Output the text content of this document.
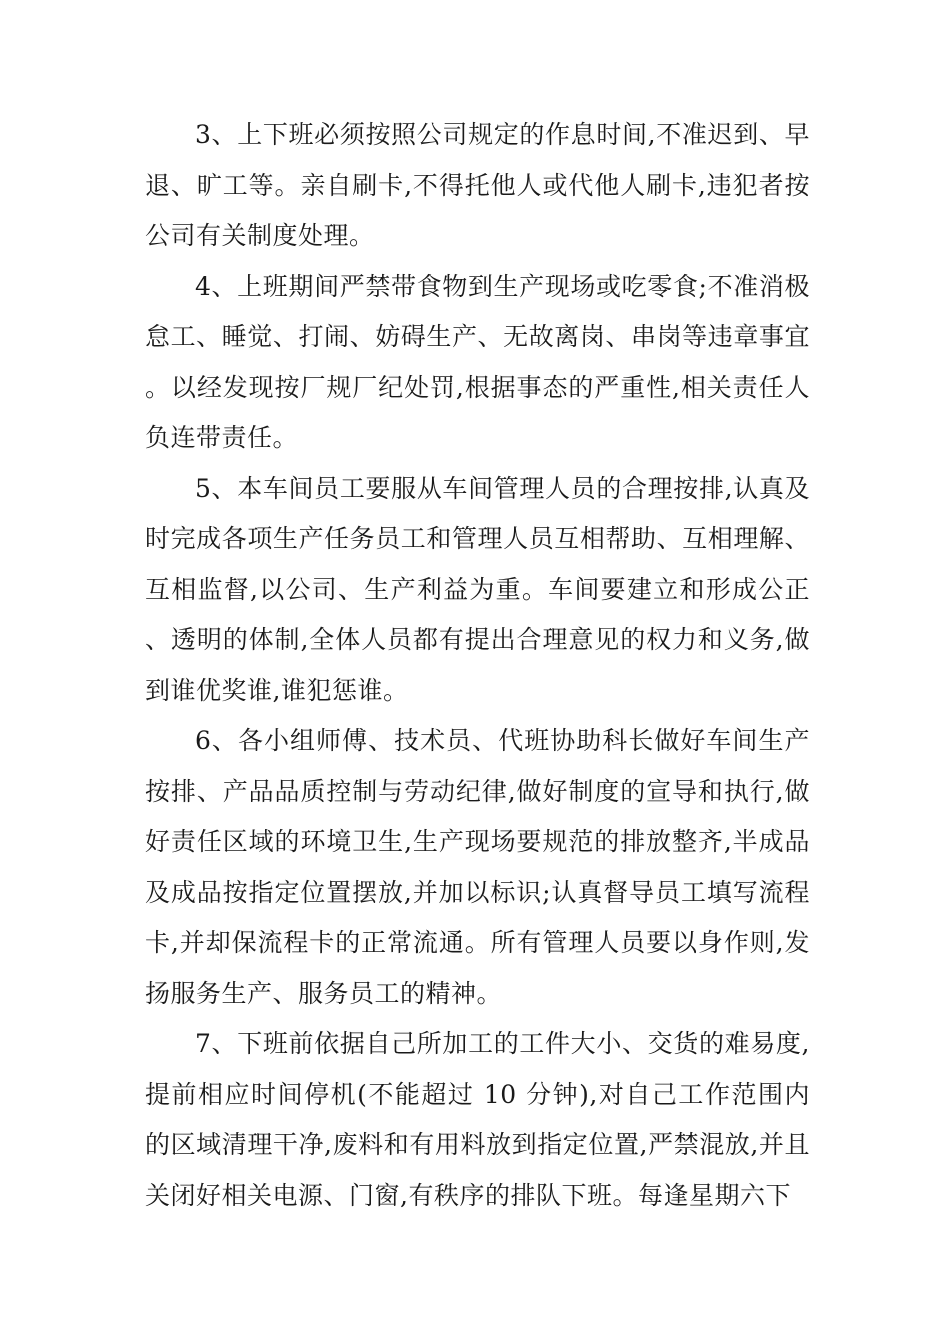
3、上下班必须按照公司规定的作息时间,不准迟到、早退、旷工等。亲自刷卡,不得托他人或代他人刷卡,违犯者按公司有关制度处理。

4、上班期间严禁带食物到生产现场或吃零食;不准消极怠工、睡觉、打闹、妨碍生产、无故离岗、串岗等违章事宜。以经发现按厂规厂纪处罚,根据事态的严重性,相关责任人负连带责任。

5、本车间员工要服从车间管理人员的合理按排,认真及时完成各项生产任务员工和管理人员互相帮助、互相理解、互相监督,以公司、生产利益为重。车间要建立和形成公正、透明的体制,全体人员都有提出合理意见的权力和义务,做到谁优奖谁,谁犯惩谁。

6、各小组师傅、技术员、代班协助科长做好车间生产按排、产品品质控制与劳动纪律,做好制度的宣导和执行,做好责任区域的环境卫生,生产现场要规范的排放整齐,半成品及成品按指定位置摆放,并加以标识;认真督导员工填写流程卡,并却保流程卡的正常流通。所有管理人员要以身作则,发扬服务生产、服务员工的精神。

7、下班前依据自己所加工的工件大小、交货的难易度,提前相应时间停机(不能超过 10 分钟),对自己工作范围内的区域清理干净,废料和有用料放到指定位置,严禁混放,并且关闭好相关电源、门窗,有秩序的排队下班。每逢星期六下
